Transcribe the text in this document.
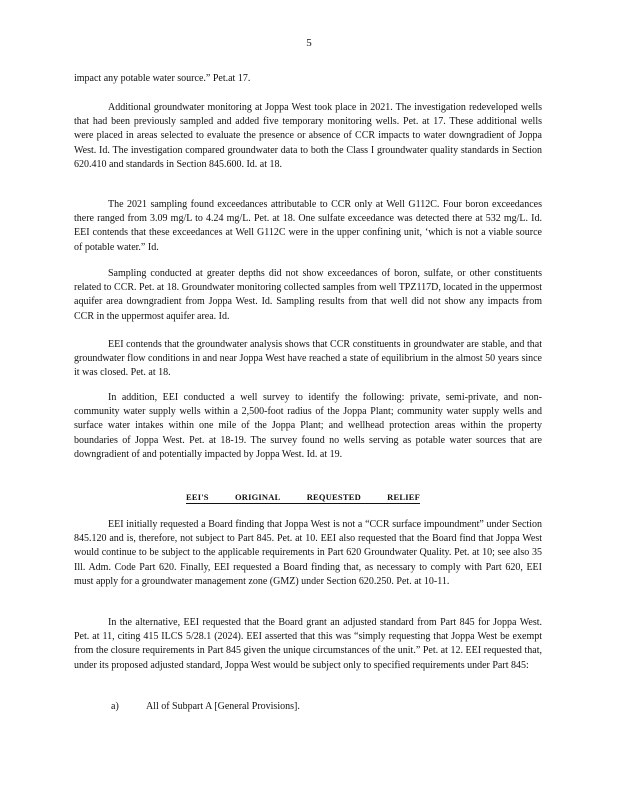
5

impact any potable water source.” Pet.at 17.

Additional groundwater monitoring at Joppa West took place in 2021. The investigation redeveloped wells that had been previously sampled and added five temporary monitoring wells. Pet. at 17. These additional wells were placed in areas selected to evaluate the presence or absence of CCR impacts to water downgradient of Joppa West. Id. The investigation compared groundwater data to both the Class I groundwater quality standards in Section 620.410 and standards in Section 845.600. Id. at 18.

The 2021 sampling found exceedances attributable to CCR only at Well G112C. Four boron exceedances there ranged from 3.09 mg/L to 4.24 mg/L. Pet. at 18. One sulfate exceedance was detected there at 532 mg/L. Id. EEI contends that these exceedances at Well G112C were in the upper confining unit, ‘which is not a viable source of potable water.” Id.

Sampling conducted at greater depths did not show exceedances of boron, sulfate, or other constituents related to CCR. Pet. at 18. Groundwater monitoring collected samples from well TPZ117D, located in the uppermost aquifer area downgradient from Joppa West. Id. Sampling results from that well did not show any impacts from CCR in the uppermost aquifer area. Id.

EEI contends that the groundwater analysis shows that CCR constituents in groundwater are stable, and that groundwater flow conditions in and near Joppa West have reached a state of equilibrium in the almost 50 years since it was closed. Pet. at 18.

In addition, EEI conducted a well survey to identify the following: private, semi-private, and non-community water supply wells within a 2,500-foot radius of the Joppa Plant; community water supply wells and surface water intakes within one mile of the Joppa Plant; and wellhead protection areas within the property boundaries of Joppa West. Pet. at 18-19. The survey found no wells serving as potable water sources that are downgradient of and potentially impacted by Joppa West. Id. at 19.

EEI'S	ORIGINAL	REQUESTED	RELIEF

EEI initially requested a Board finding that Joppa West is not a “CCR surface impoundment” under Section 845.120 and is, therefore, not subject to Part 845. Pet. at 10. EEI also requested that the Board find that Joppa West would continue to be subject to the applicable requirements in Part 620 Groundwater Quality. Pet. at 10; see also 35 Ill. Adm. Code Part 620. Finally, EEI requested a Board finding that, as necessary to comply with Part 620, EEI must apply for a groundwater management zone (GMZ) under Section 620.250. Pet. at 10-11.

In the alternative, EEI requested that the Board grant an adjusted standard from Part 845 for Joppa West. Pet. at 11, citing 415 ILCS 5/28.1 (2024). EEI asserted that this was “simply requesting that Joppa West be exempt from the closure requirements in Part 845 given the unique circumstances of the unit.” Pet. at 12. EEI requested that, under its proposed adjusted standard, Joppa West would be subject only to specified requirements under Part 845:

a)	All of Subpart A [General Provisions].
